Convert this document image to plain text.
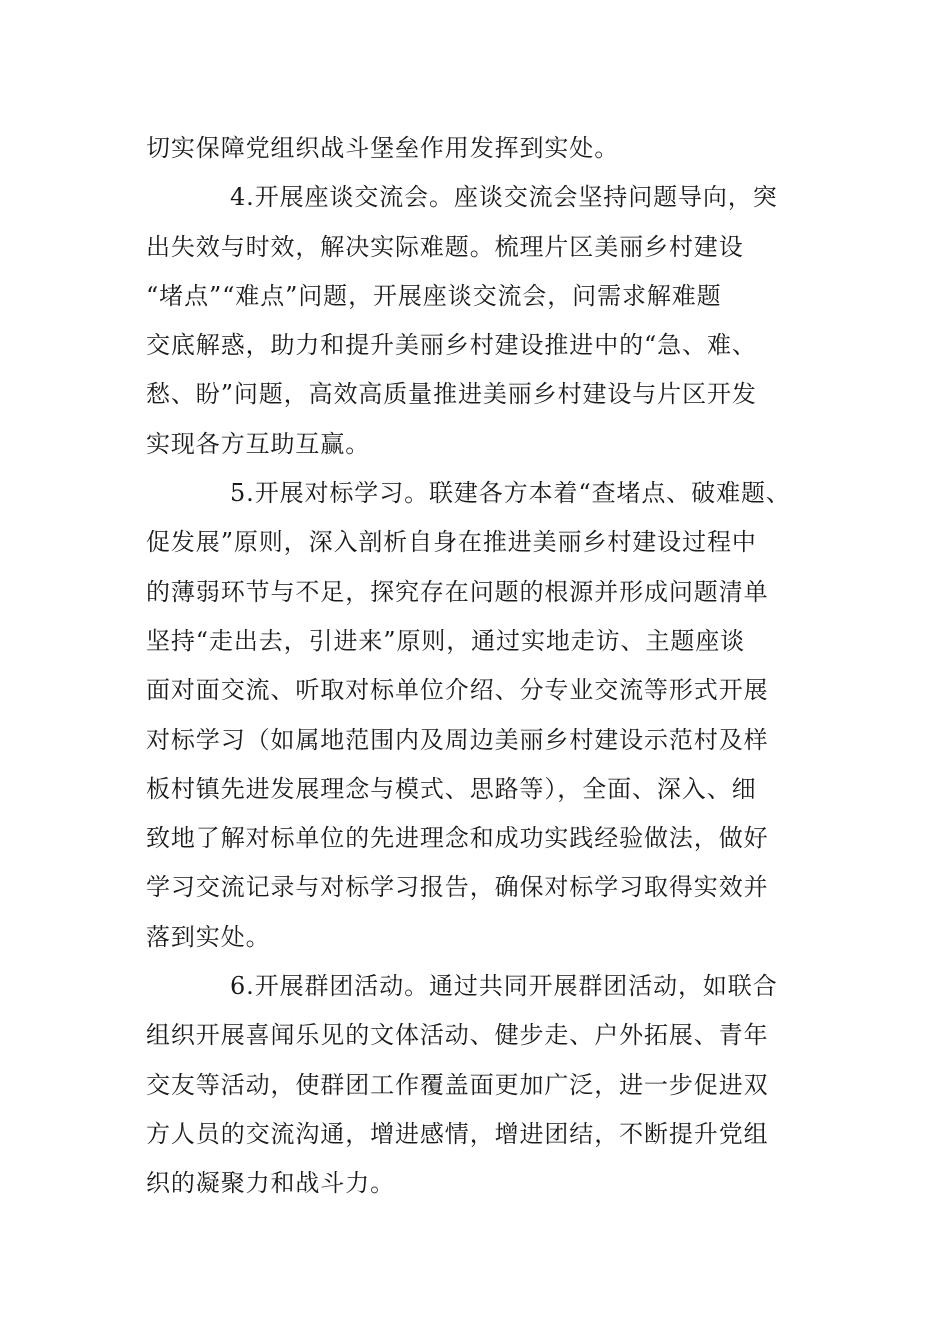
切实保障党组织战斗堡垒作用发挥到实处。
4.开展座谈交流会。座谈交流会坚持问题导向，突
出失效与时效，解决实际难题。梳理片区美丽乡村建设
“堵点”“难点”问题，开展座谈交流会，问需求解难题
交底解惑，助力和提升美丽乡村建设推进中的“急、难、
愁、盼”问题，高效高质量推进美丽乡村建设与片区开发
实现各方互助互赢。
5.开展对标学习。联建各方本着“查堵点、破难题、
促发展”原则，深入剖析自身在推进美丽乡村建设过程中
的薄弱环节与不足，探究存在问题的根源并形成问题清单
坚持“走出去，引进来”原则，通过实地走访、主题座谈
面对面交流、听取对标单位介绍、分专业交流等形式开展
对标学习（如属地范围内及周边美丽乡村建设示范村及样
板村镇先进发展理念与模式、思路等），全面、深入、细
致地了解对标单位的先进理念和成功实践经验做法，做好
学习交流记录与对标学习报告，确保对标学习取得实效并
落到实处。
6.开展群团活动。通过共同开展群团活动，如联合
组织开展喜闻乐见的文体活动、健步走、户外拓展、青年
交友等活动，使群团工作覆盖面更加广泛，进一步促进双
方人员的交流沟通，增进感情，增进团结，不断提升党组
织的凝聚力和战斗力。
